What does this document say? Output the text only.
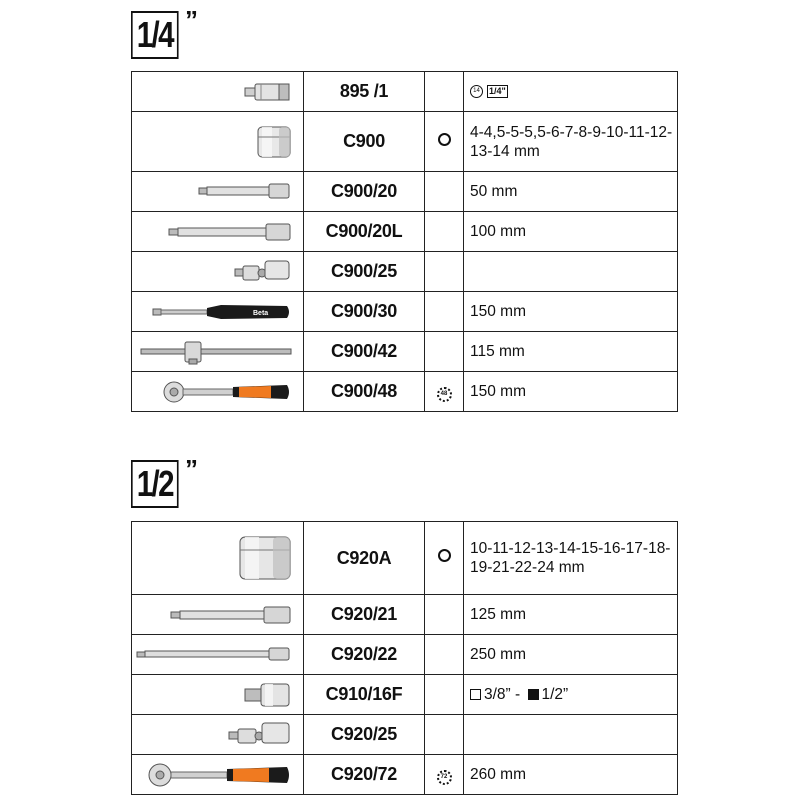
1/4 ”
	895 /1		14 1/4"
	C900		4-4,5-5-5,5-6-7-8-9-10-11-12-13-14 mm
	C900/20		50 mm
	C900/20L		100 mm
	C900/25		

Beta	C900/30		150 mm
	C900/42		115 mm
	C900/48	48	150 mm
1/2 ”
	C920A		10-11-12-13-14-15-16-17-18-19-21-22-24 mm
	C920/21		125 mm
	C920/22		250 mm
	C910/16F		3/8” - 1/2”
	C920/25		
	C920/72	72	260 mm
